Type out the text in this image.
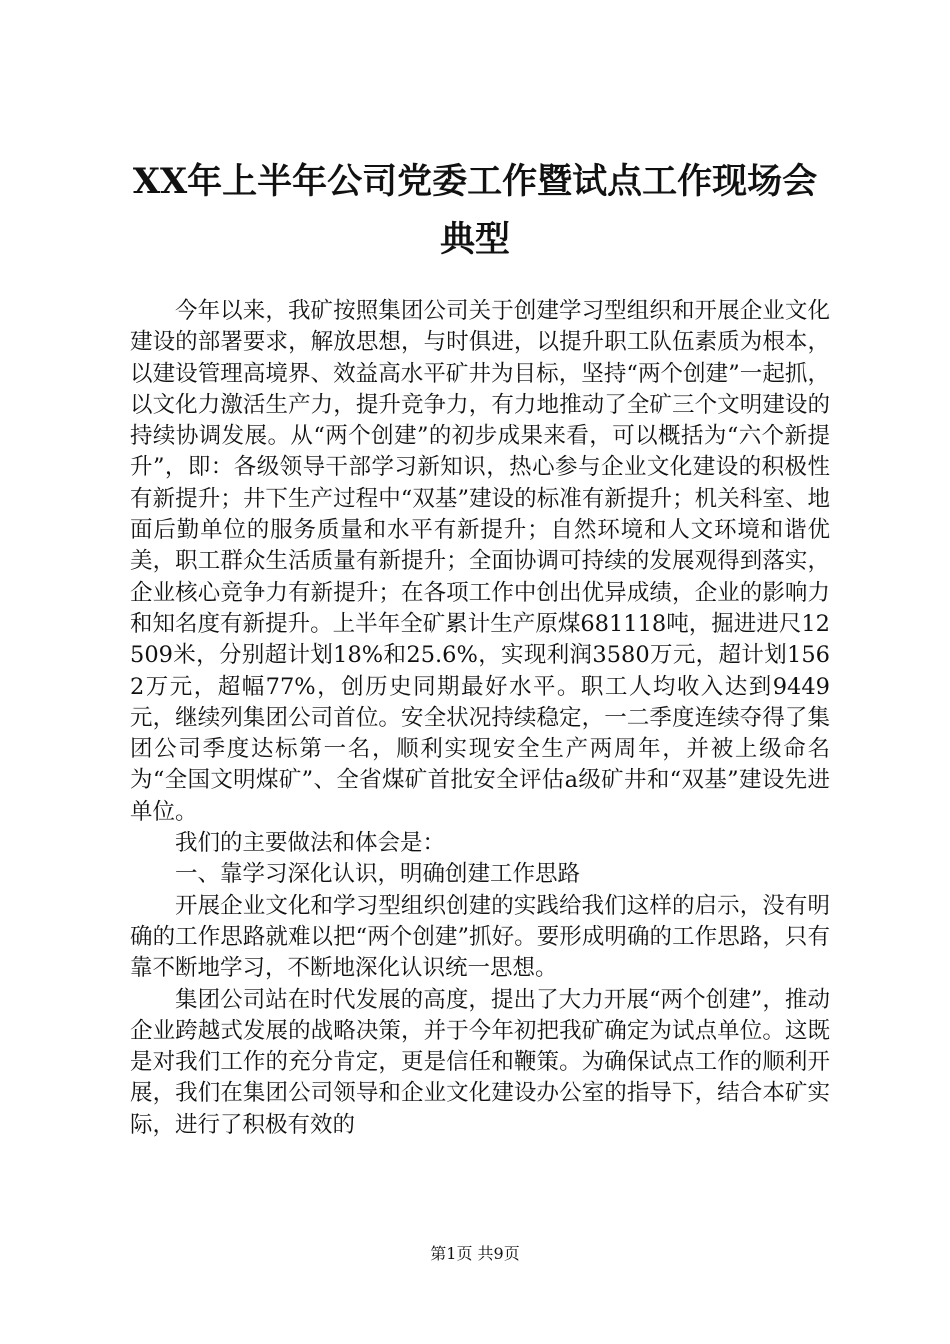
XX年上半年公司党委工作暨试点工作现场会
典型

今年以来，我矿按照集团公司关于创建学习型组织和开展企业文化建设的部署要求，解放思想，与时俱进，以提升职工队伍素质为根本，以建设管理高境界、效益高水平矿井为目标，坚持“两个创建”一起抓，以文化力激活生产力，提升竞争力，有力地推动了全矿三个文明建设的持续协调发展。从“两个创建”的初步成果来看，可以概括为“六个新提升”，即：各级领导干部学习新知识，热心参与企业文化建设的积极性有新提升；井下生产过程中“双基”建设的标准有新提升；机关科室、地面后勤单位的服务质量和水平有新提升；自然环境和人文环境和谐优美，职工群众生活质量有新提升；全面协调可持续的发展观得到落实，企业核心竞争力有新提升；在各项工作中创出优异成绩，企业的影响力和知名度有新提升。上半年全矿累计生产原煤681118吨，掘进进尺12509米，分别超计划18%和25.6%，实现利润3580万元，超计划1562万元，超幅77%，创历史同期最好水平。职工人均收入达到9449元，继续列集团公司首位。安全状况持续稳定，一二季度连续夺得了集团公司季度达标第一名，顺利实现安全生产两周年，并被上级命名为“全国文明煤矿”、全省煤矿首批安全评估a级矿井和“双基”建设先进单位。

我们的主要做法和体会是：

一、靠学习深化认识，明确创建工作思路

开展企业文化和学习型组织创建的实践给我们这样的启示，没有明确的工作思路就难以把“两个创建”抓好。要形成明确的工作思路，只有靠不断地学习，不断地深化认识统一思想。

集团公司站在时代发展的高度，提出了大力开展“两个创建”，推动企业跨越式发展的战略决策，并于今年初把我矿确定为试点单位。这既是对我们工作的充分肯定，更是信任和鞭策。为确保试点工作的顺利开展，我们在集团公司领导和企业文化建设办公室的指导下，结合本矿实际，进行了积极有效的

第1页 共9页
